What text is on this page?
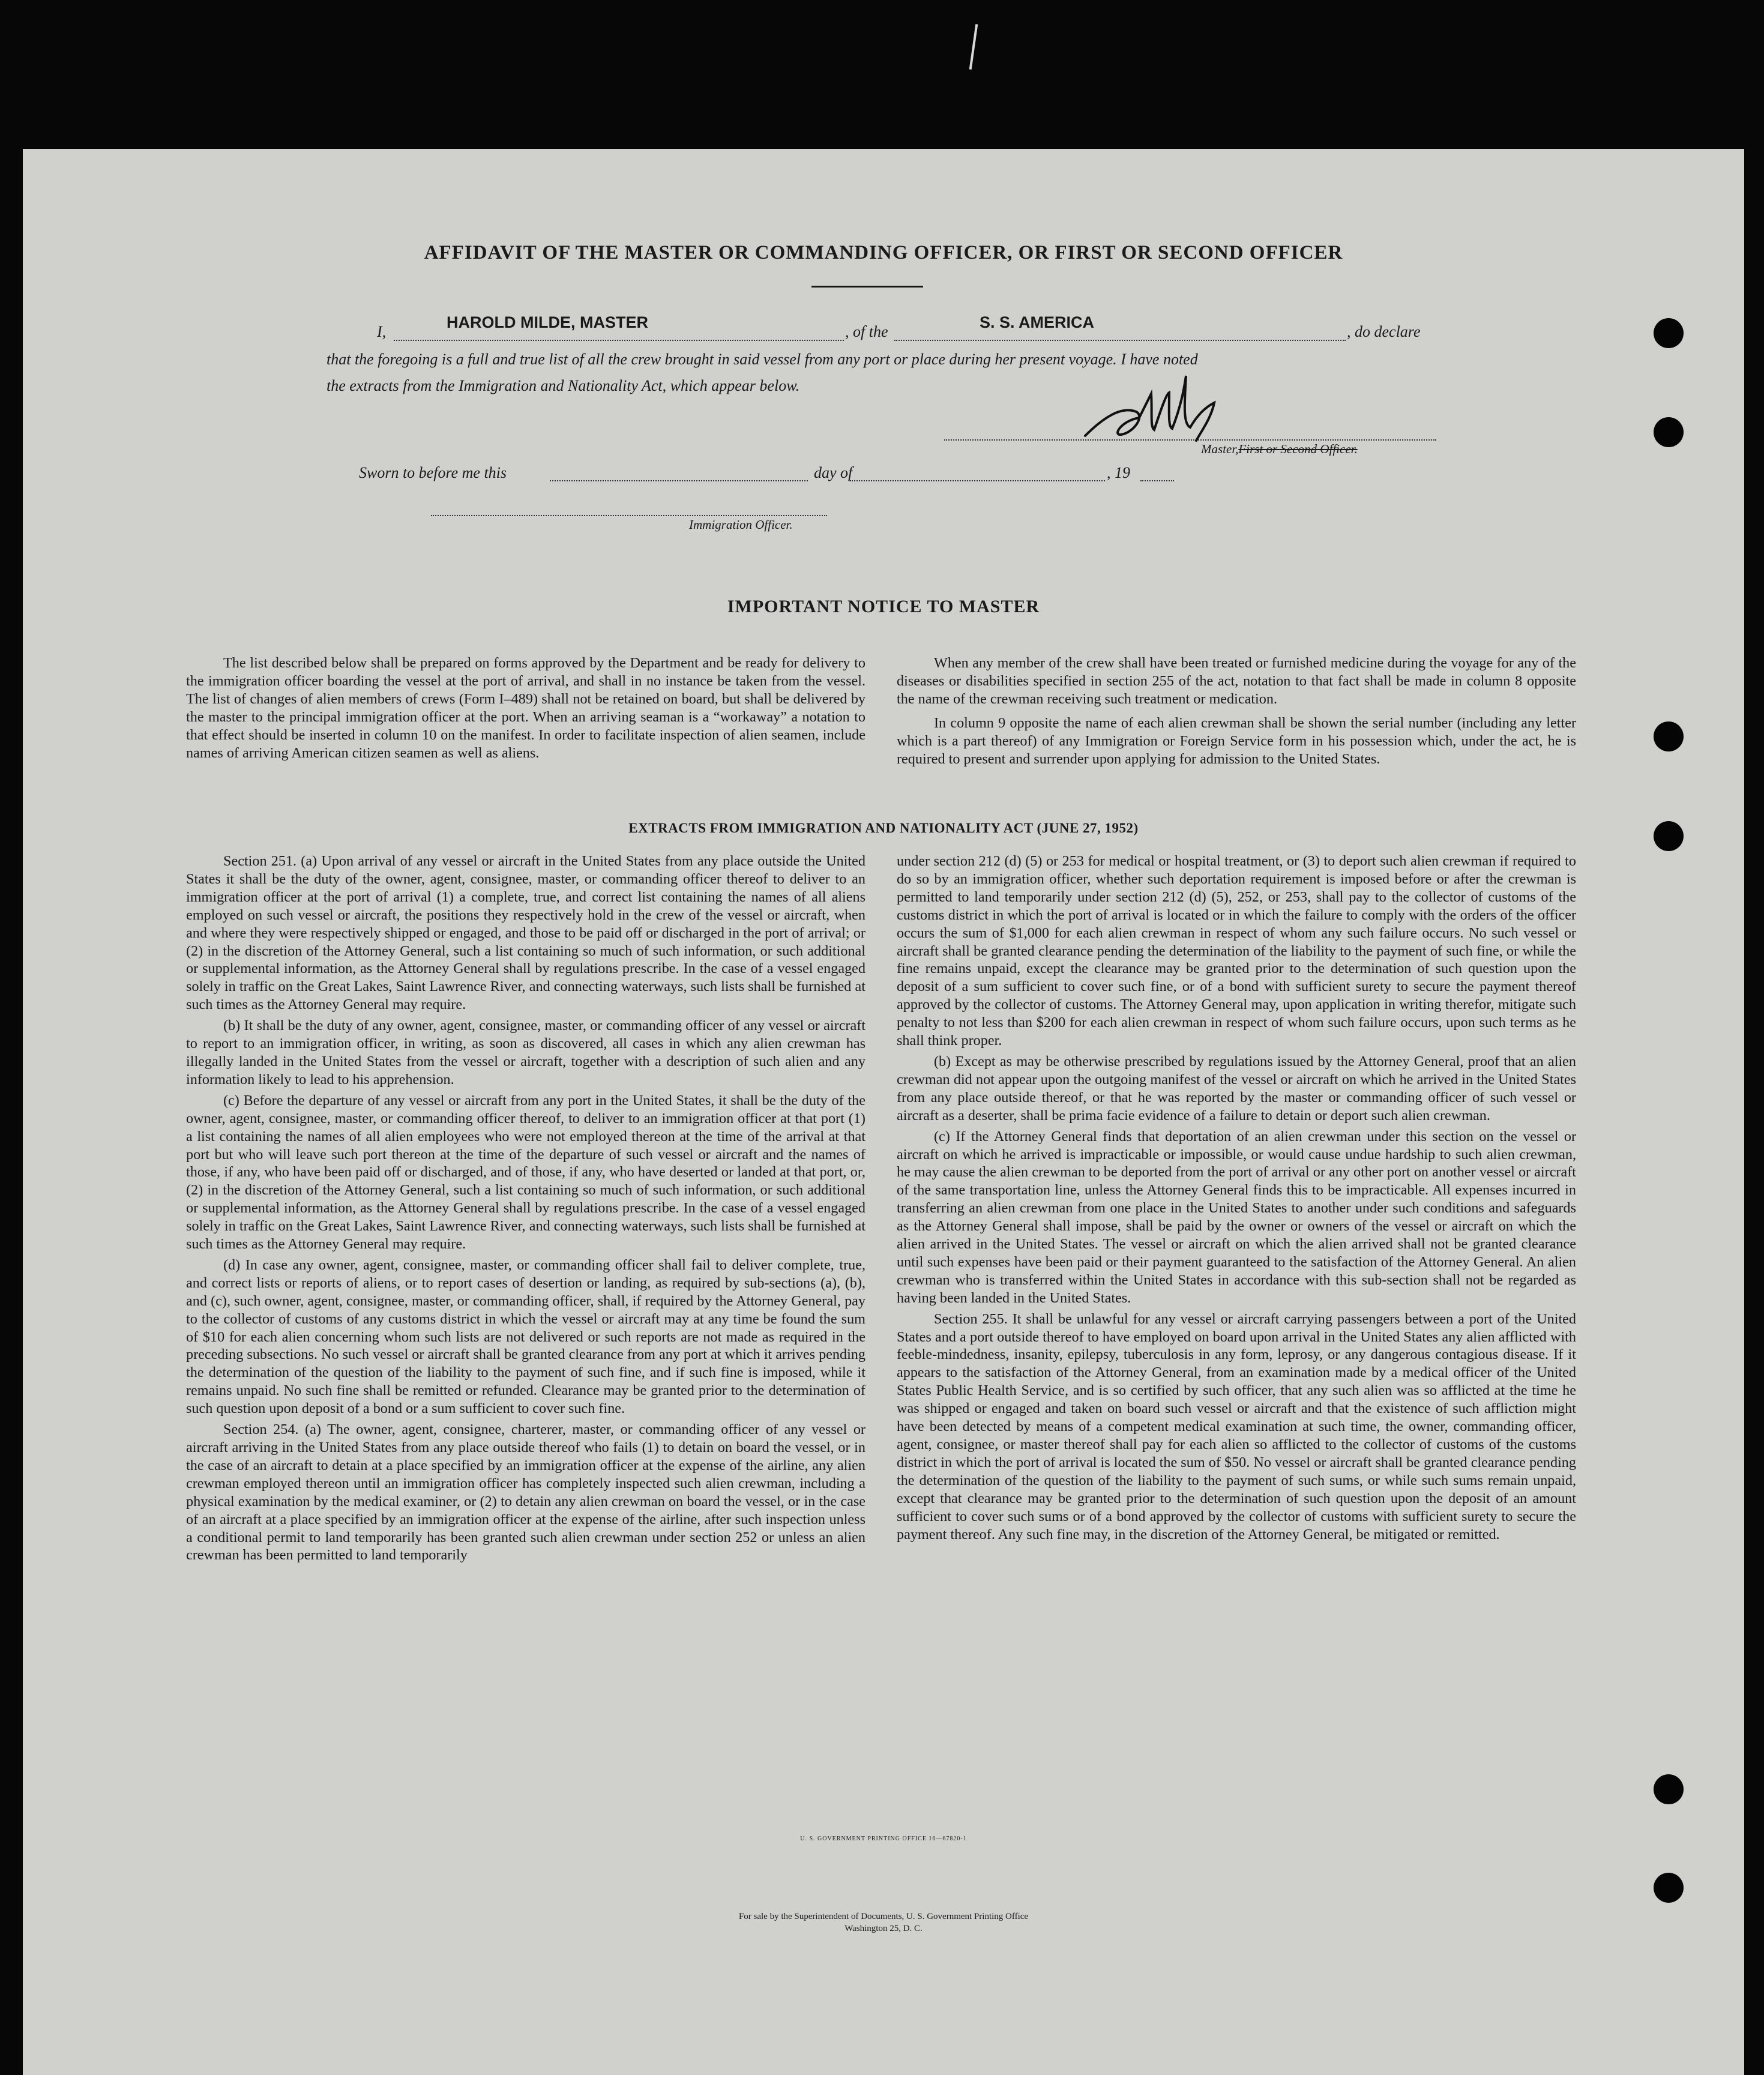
AFFIDAVIT OF THE MASTER OR COMMANDING OFFICER, OR FIRST OR SECOND OFFICER
I,
HAROLD MILDE, MASTER
, of the
S. S. AMERICA
, do declare
that the foregoing is a full and true list of all the crew brought in said vessel from any port or place during her present voyage. I have noted
the extracts from the Immigration and Nationality Act, which appear below.
Master,First or Second Officer.
Sworn to before me this	day of	, 19
Immigration Officer.
IMPORTANT NOTICE TO MASTER

The list described below shall be prepared on forms approved by the Department and be ready for delivery to the immigration officer boarding the vessel at the port of arrival, and shall in no instance be taken from the vessel. The list of changes of alien members of crews (Form I–489) shall not be retained on board, but shall be delivered by the master to the principal immigration officer at the port. When an arriving seaman is a “workaway” a notation to that effect should be inserted in column 10 on the manifest. In order to facilitate inspection of alien seamen, include names of arriving American citizen seamen as well as aliens.

When any member of the crew shall have been treated or furnished medicine during the voyage for any of the diseases or disabilities specified in section 255 of the act, notation to that fact shall be made in column 8 opposite the name of the crewman receiving such treatment or medication.

In column 9 opposite the name of each alien crewman shall be shown the serial number (including any letter which is a part thereof) of any Immigration or Foreign Service form in his possession which, under the act, he is required to present and surrender upon applying for admission to the United States.

EXTRACTS FROM IMMIGRATION AND NATIONALITY ACT (JUNE 27, 1952)

Section 251. (a) Upon arrival of any vessel or aircraft in the United States from any place outside the United States it shall be the duty of the owner, agent, consignee, master, or commanding officer thereof to deliver to an immigration officer at the port of arrival (1) a complete, true, and correct list containing the names of all aliens employed on such vessel or aircraft, the positions they respectively hold in the crew of the vessel or aircraft, when and where they were respectively shipped or engaged, and those to be paid off or discharged in the port of arrival; or (2) in the discretion of the Attorney General, such a list containing so much of such information, or such additional or supplemental information, as the Attorney General shall by regulations prescribe. In the case of a vessel engaged solely in traffic on the Great Lakes, Saint Lawrence River, and connecting waterways, such lists shall be furnished at such times as the Attorney General may require.

(b) It shall be the duty of any owner, agent, consignee, master, or commanding officer of any vessel or aircraft to report to an immigration officer, in writing, as soon as discovered, all cases in which any alien crewman has illegally landed in the United States from the vessel or aircraft, together with a description of such alien and any information likely to lead to his apprehension.

(c) Before the departure of any vessel or aircraft from any port in the United States, it shall be the duty of the owner, agent, consignee, master, or commanding officer thereof, to deliver to an immigration officer at that port (1) a list containing the names of all alien employees who were not employed thereon at the time of the arrival at that port but who will leave such port thereon at the time of the departure of such vessel or aircraft and the names of those, if any, who have been paid off or discharged, and of those, if any, who have deserted or landed at that port, or, (2) in the discretion of the Attorney General, such a list containing so much of such information, or such additional or supplemental information, as the Attorney General shall by regulations prescribe. In the case of a vessel engaged solely in traffic on the Great Lakes, Saint Lawrence River, and connecting waterways, such lists shall be furnished at such times as the Attorney General may require.

(d) In case any owner, agent, consignee, master, or commanding officer shall fail to deliver complete, true, and correct lists or reports of aliens, or to report cases of desertion or landing, as required by sub-sections (a), (b), and (c), such owner, agent, consignee, master, or commanding officer, shall, if required by the Attorney General, pay to the collector of customs of any customs district in which the vessel or aircraft may at any time be found the sum of $10 for each alien concerning whom such lists are not delivered or such reports are not made as required in the preceding subsections. No such vessel or aircraft shall be granted clearance from any port at which it arrives pending the determination of the question of the liability to the payment of such fine, and if such fine is imposed, while it remains unpaid. No such fine shall be remitted or refunded. Clearance may be granted prior to the determination of such question upon deposit of a bond or a sum sufficient to cover such fine.

Section 254. (a) The owner, agent, consignee, charterer, master, or commanding officer of any vessel or aircraft arriving in the United States from any place outside thereof who fails (1) to detain on board the vessel, or in the case of an aircraft to detain at a place specified by an immigration officer at the expense of the airline, any alien crewman employed thereon until an immigration officer has completely inspected such alien crewman, including a physical examination by the medical examiner, or (2) to detain any alien crewman on board the vessel, or in the case of an aircraft at a place specified by an immigration officer at the expense of the airline, after such inspection unless a conditional permit to land temporarily has been granted such alien crewman under section 252 or unless an alien crewman has been permitted to land temporarily

under section 212 (d) (5) or 253 for medical or hospital treatment, or (3) to deport such alien crewman if required to do so by an immigration officer, whether such deportation requirement is imposed before or after the crewman is permitted to land temporarily under section 212 (d) (5), 252, or 253, shall pay to the collector of customs of the customs district in which the port of arrival is located or in which the failure to comply with the orders of the officer occurs the sum of $1,000 for each alien crewman in respect of whom any such failure occurs. No such vessel or aircraft shall be granted clearance pending the determination of the liability to the payment of such fine, or while the fine remains unpaid, except the clearance may be granted prior to the determination of such question upon the deposit of a sum sufficient to cover such fine, or of a bond with sufficient surety to secure the payment thereof approved by the collector of customs. The Attorney General may, upon application in writing therefor, mitigate such penalty to not less than $200 for each alien crewman in respect of whom such failure occurs, upon such terms as he shall think proper.

(b) Except as may be otherwise prescribed by regulations issued by the Attorney General, proof that an alien crewman did not appear upon the outgoing manifest of the vessel or aircraft on which he arrived in the United States from any place outside thereof, or that he was reported by the master or commanding officer of such vessel or aircraft as a deserter, shall be prima facie evidence of a failure to detain or deport such alien crewman.

(c) If the Attorney General finds that deportation of an alien crewman under this section on the vessel or aircraft on which he arrived is impracticable or impossible, or would cause undue hardship to such alien crewman, he may cause the alien crewman to be deported from the port of arrival or any other port on another vessel or aircraft of the same transportation line, unless the Attorney General finds this to be impracticable. All expenses incurred in transferring an alien crewman from one place in the United States to another under such conditions and safeguards as the Attorney General shall impose, shall be paid by the owner or owners of the vessel or aircraft on which the alien arrived in the United States. The vessel or aircraft on which the alien arrived shall not be granted clearance until such expenses have been paid or their payment guaranteed to the satisfaction of the Attorney General. An alien crewman who is transferred within the United States in accordance with this sub-section shall not be regarded as having been landed in the United States.

Section 255. It shall be unlawful for any vessel or aircraft carrying passengers between a port of the United States and a port outside thereof to have employed on board upon arrival in the United States any alien afflicted with feeble-mindedness, insanity, epilepsy, tuberculosis in any form, leprosy, or any dangerous contagious disease. If it appears to the satisfaction of the Attorney General, from an examination made by a medical officer of the United States Public Health Service, and is so certified by such officer, that any such alien was so afflicted at the time he was shipped or engaged and taken on board such vessel or aircraft and that the existence of such affliction might have been detected by means of a competent medical examination at such time, the owner, commanding officer, agent, consignee, or master thereof shall pay for each alien so afflicted to the collector of customs of the customs district in which the port of arrival is located the sum of $50. No vessel or aircraft shall be granted clearance pending the determination of the question of the liability to the payment of such sums, or while such sums remain unpaid, except that clearance may be granted prior to the determination of such question upon the deposit of an amount sufficient to cover such sums or of a bond approved by the collector of customs with sufficient surety to secure the payment thereof. Any such fine may, in the discretion of the Attorney General, be mitigated or remitted.

U. S. GOVERNMENT PRINTING OFFICE 16—67820-1
For sale by the Superintendent of Documents, U. S. Government Printing Office
Washington 25, D. C.
